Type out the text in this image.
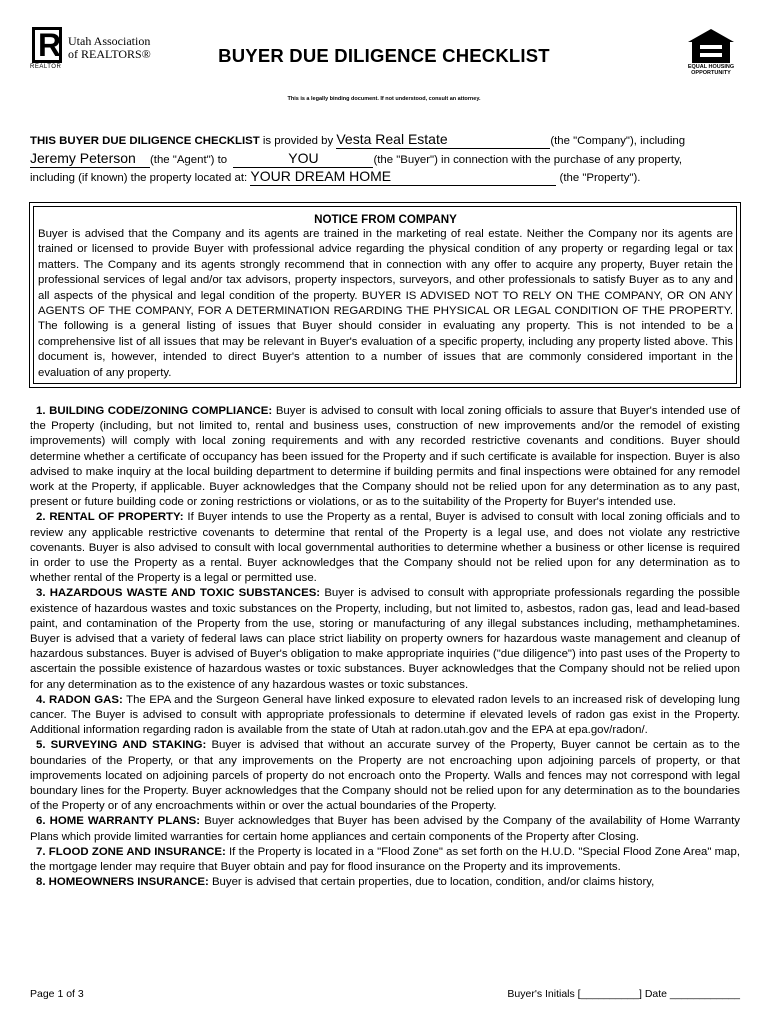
R
REALTOR
Utah Association
of REALTORS®	BUYER DUE DILIGENCE CHECKLIST
EQUAL HOUSING OPPORTUNITY
This is a legally binding document. If not understood, consult an attorney.
THIS BUYER DUE DILIGENCE CHECKLIST is provided by Vesta Real Estate	(the "Company"), including
Jeremy Peterson (the "Agent") to	YOU	(the "Buyer") in connection with the purchase of any property,
including (if known) the property located at: YOUR DREAM HOME	(the "Property").
NOTICE FROM COMPANY
Buyer is advised that the Company and its agents are trained in the marketing of real estate. Neither the Company nor its agents are trained or licensed to provide Buyer with professional advice regarding the physical condition of any property or regarding legal or tax matters. The Company and its agents strongly recommend that in connection with any offer to acquire any property, Buyer retain the professional services of legal and/or tax advisors, property inspectors, surveyors, and other professionals to satisfy Buyer as to any and all aspects of the physical and legal condition of the property. BUYER IS ADVISED NOT TO RELY ON THE COMPANY, OR ON ANY AGENTS OF THE COMPANY, FOR A DETERMINATION REGARDING THE PHYSICAL OR LEGAL CONDITION OF THE PROPERTY. The following is a general listing of issues that Buyer should consider in evaluating any property. This is not intended to be a comprehensive list of all issues that may be relevant in Buyer's evaluation of a specific property, including any property listed above. This document is, however, intended to direct Buyer's attention to a number of issues that are commonly considered important in the evaluation of any property.

1. BUILDING CODE/ZONING COMPLIANCE: Buyer is advised to consult with local zoning officials to assure that Buyer's intended use of the Property (including, but not limited to, rental and business uses, construction of new improvements and/or the remodel of existing improvements) will comply with local zoning requirements and with any recorded restrictive covenants and conditions. Buyer should determine whether a certificate of occupancy has been issued for the Property and if such certificate is available for inspection. Buyer is also advised to make inquiry at the local building department to determine if building permits and final inspections were obtained for any remodel work at the Property, if applicable. Buyer acknowledges that the Company should not be relied upon for any determination as to any past, present or future building code or zoning restrictions or violations, or as to the suitability of the Property for Buyer's intended use.

2. RENTAL OF PROPERTY: If Buyer intends to use the Property as a rental, Buyer is advised to consult with local zoning officials and to review any applicable restrictive covenants to determine that rental of the Property is a legal use, and does not violate any restrictive covenants. Buyer is also advised to consult with local governmental authorities to determine whether a business or other license is required in order to use the Property as a rental. Buyer acknowledges that the Company should not be relied upon for any determination as to whether rental of the Property is a legal or permitted use.

3. HAZARDOUS WASTE AND TOXIC SUBSTANCES: Buyer is advised to consult with appropriate professionals regarding the possible existence of hazardous wastes and toxic substances on the Property, including, but not limited to, asbestos, radon gas, lead and lead-based paint, and contamination of the Property from the use, storing or manufacturing of any illegal substances including, methamphetamines. Buyer is advised that a variety of federal laws can place strict liability on property owners for hazardous waste management and cleanup of hazardous substances. Buyer is advised of Buyer's obligation to make appropriate inquiries ("due diligence") into past uses of the Property to ascertain the possible existence of hazardous wastes or toxic substances. Buyer acknowledges that the Company should not be relied upon for any determination as to the existence of any hazardous wastes or toxic substances.

4. RADON GAS: The EPA and the Surgeon General have linked exposure to elevated radon levels to an increased risk of developing lung cancer. The Buyer is advised to consult with appropriate professionals to determine if elevated levels of radon gas exist in the Property. Additional information regarding radon is available from the state of Utah at radon.utah.gov and the EPA at epa.gov/radon/.

5. SURVEYING AND STAKING: Buyer is advised that without an accurate survey of the Property, Buyer cannot be certain as to the boundaries of the Property, or that any improvements on the Property are not encroaching upon adjoining parcels of property, or that improvements located on adjoining parcels of property do not encroach onto the Property. Walls and fences may not correspond with legal boundary lines for the Property. Buyer acknowledges that the Company should not be relied upon for any determination as to the boundaries of the Property or of any encroachments within or over the actual boundaries of the Property.

6. HOME WARRANTY PLANS: Buyer acknowledges that Buyer has been advised by the Company of the availability of Home Warranty Plans which provide limited warranties for certain home appliances and certain components of the Property after Closing.

7. FLOOD ZONE AND INSURANCE: If the Property is located in a "Flood Zone" as set forth on the H.U.D. "Special Flood Zone Area" map, the mortgage lender may require that Buyer obtain and pay for flood insurance on the Property and its improvements.

8. HOMEOWNERS INSURANCE: Buyer is advised that certain properties, due to location, condition, and/or claims history,

Page 1 of 3	Buyer's Initials [__________] Date ____________
